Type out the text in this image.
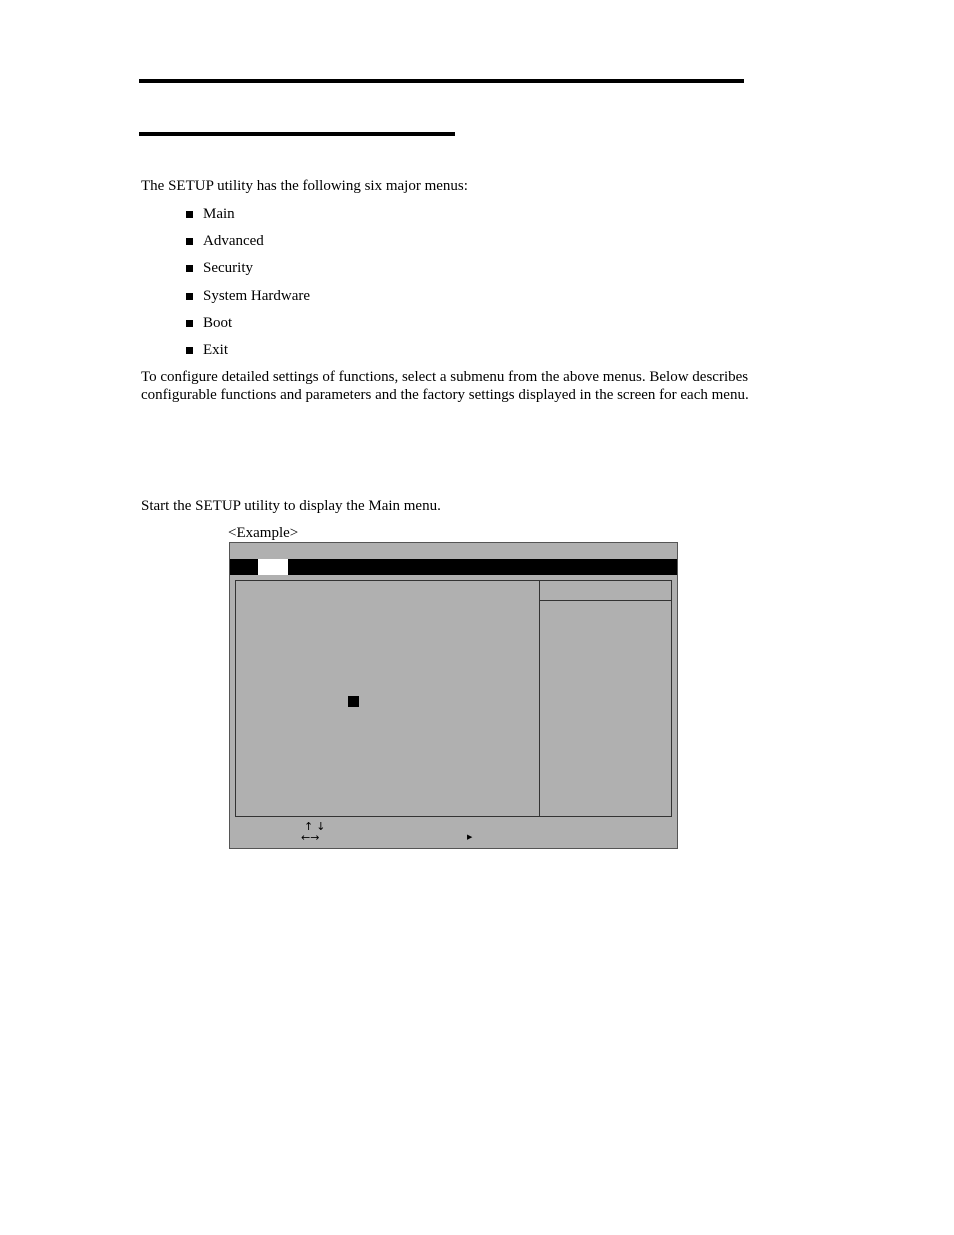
The SETUP utility has the following six major menus:
Main
Advanced
Security
System Hardware
Boot
Exit
To configure detailed settings of functions, select a submenu from the above menus. Below describes configurable functions and parameters and the factory settings displayed in the screen for each menu.
Start the SETUP utility to display the Main menu.
<Example>
↑↓
←→	▶
